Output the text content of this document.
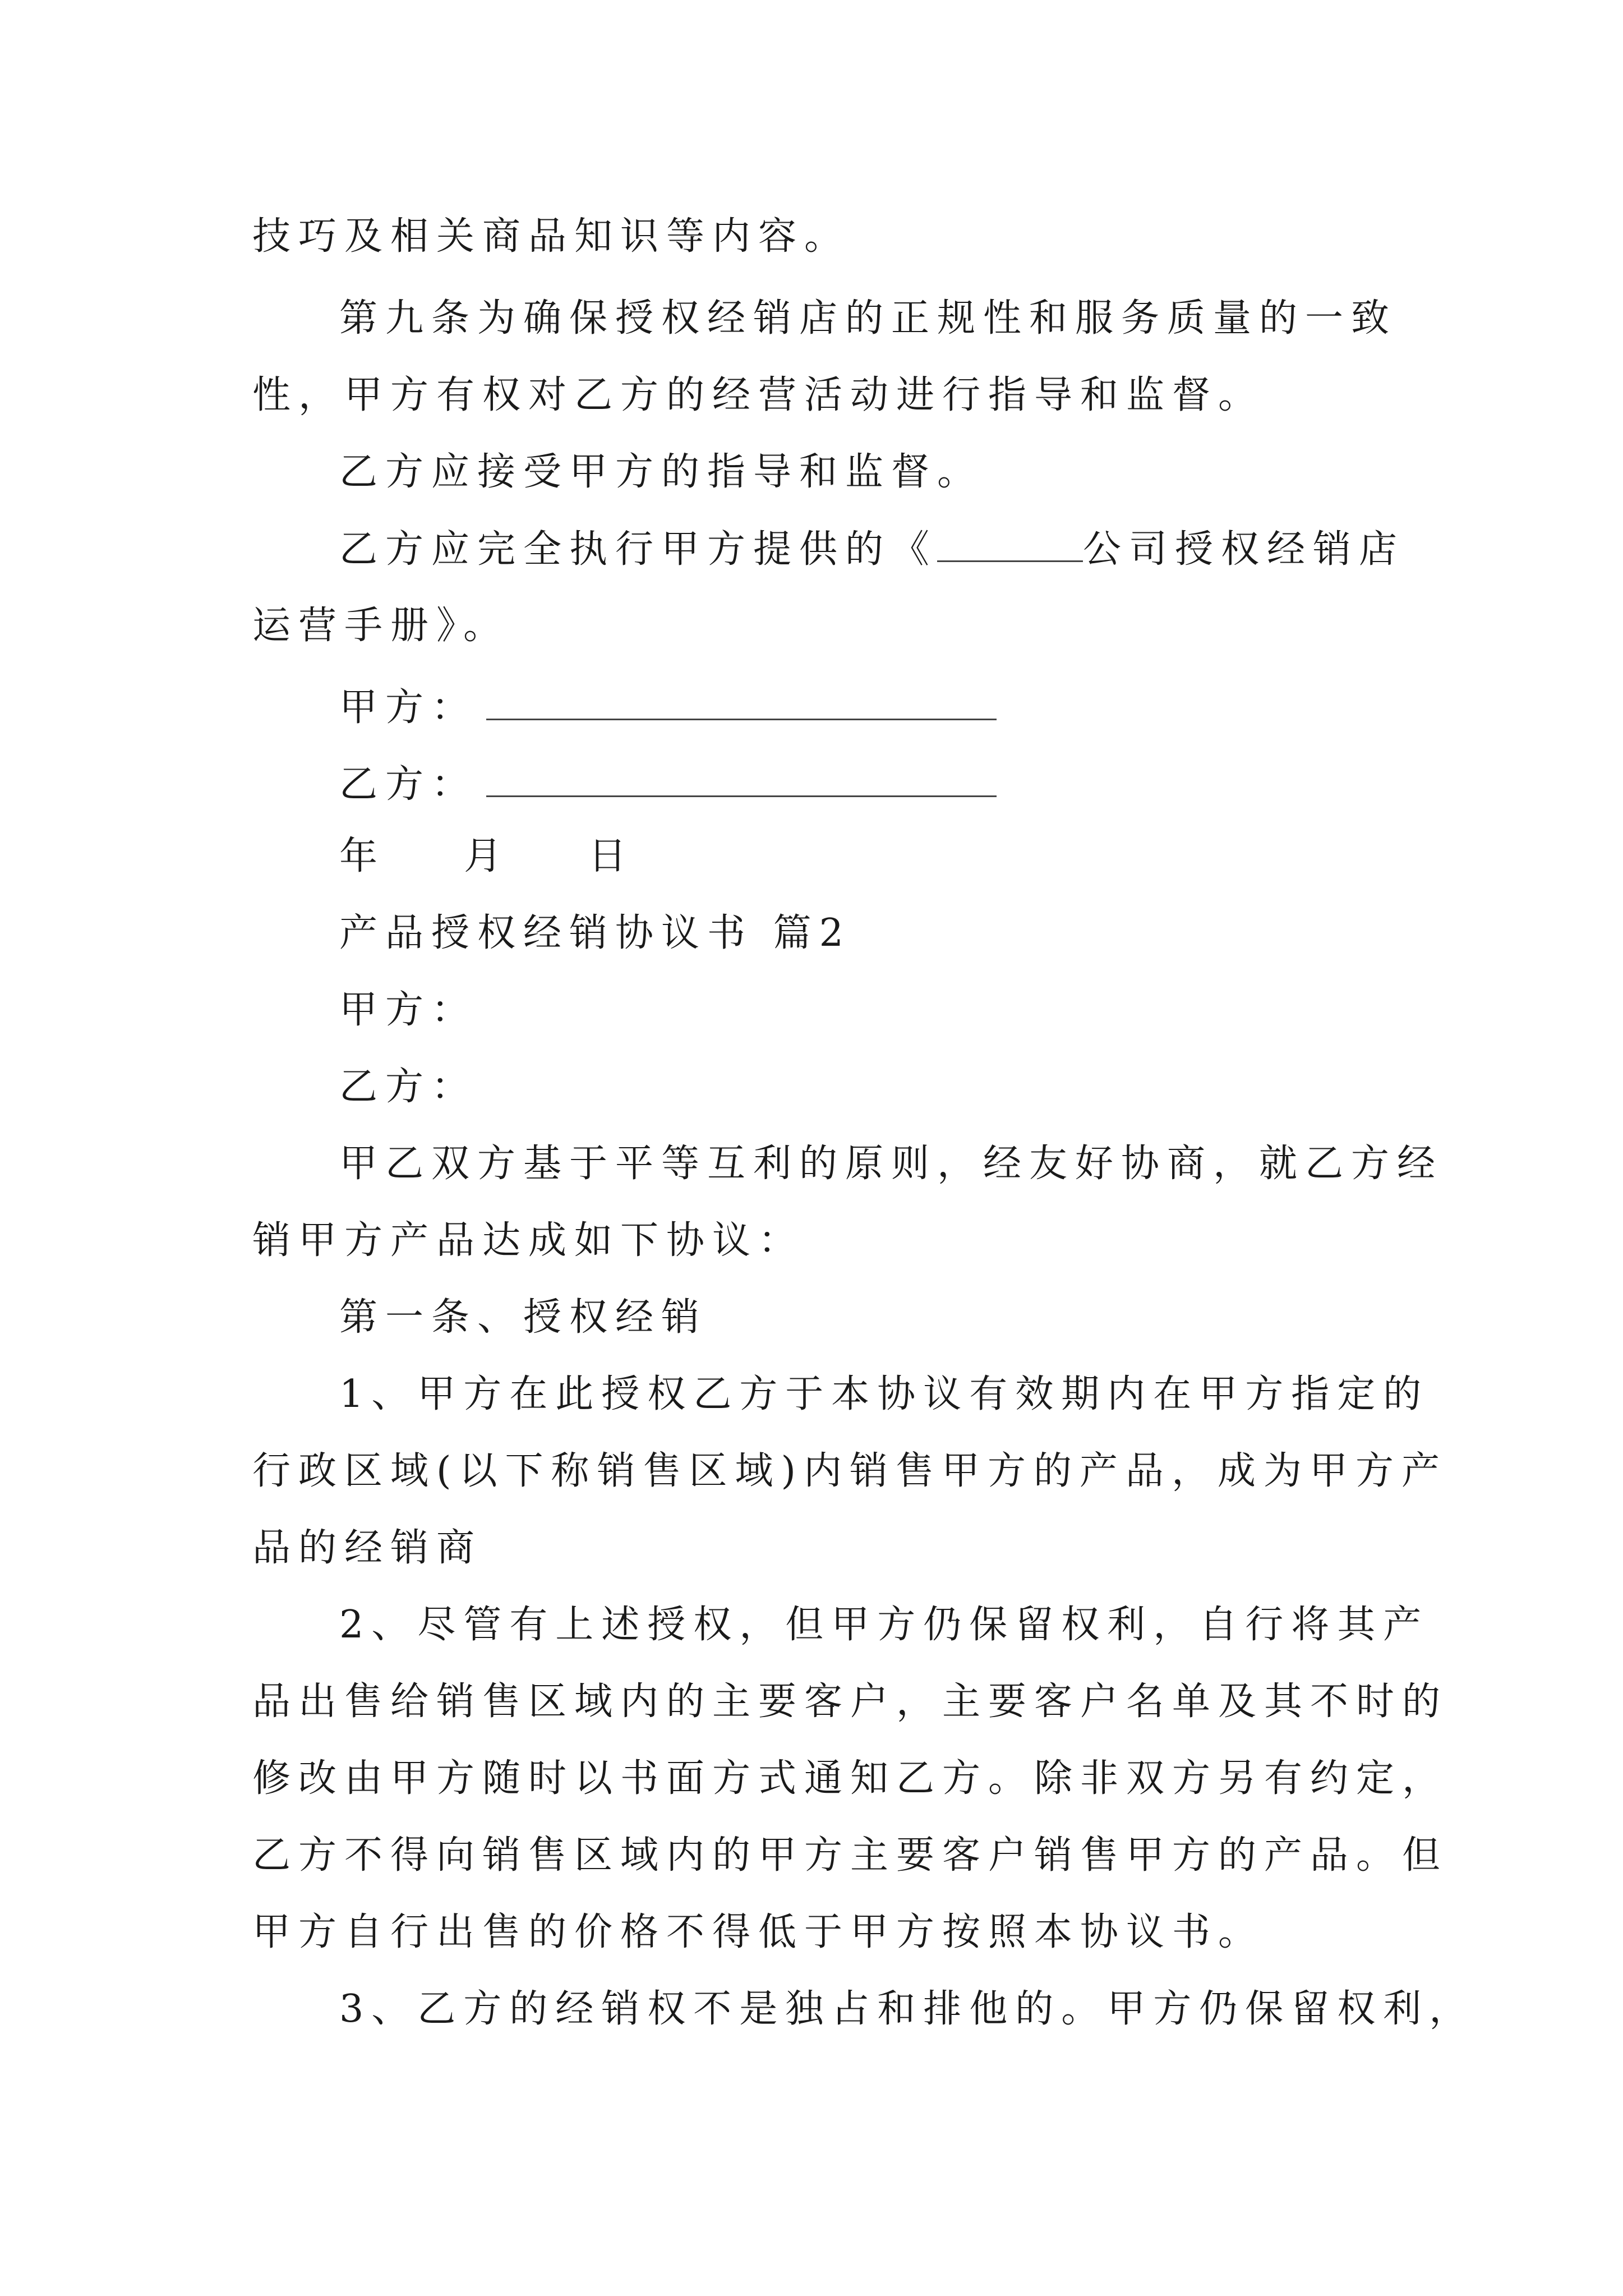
技巧及相关商品知识等内容。
第九条为确保授权经销店的正规性和服务质量的一致
性，甲方有权对乙方的经营活动进行指导和监督。
乙方应接受甲方的指导和监督。
乙方应完全执行甲方提供的《	公司授权经销店
运营手册》。
甲方：
乙方：
年 月 日
产品授权经销协议书 篇2
甲方：
乙方：
甲乙双方基于平等互利的原则，经友好协商，就乙方经
销甲方产品达成如下协议：
第一条、授权经销
1、甲方在此授权乙方于本协议有效期内在甲方指定的
行政区域(以下称销售区域)内销售甲方的产品，成为甲方产
品的经销商
2、尽管有上述授权，但甲方仍保留权利，自行将其产
品出售给销售区域内的主要客户，主要客户名单及其不时的
修改由甲方随时以书面方式通知乙方。除非双方另有约定，
乙方不得向销售区域内的甲方主要客户销售甲方的产品。但
甲方自行出售的价格不得低于甲方按照本协议书。
3、乙方的经销权不是独占和排他的。甲方仍保留权利，
